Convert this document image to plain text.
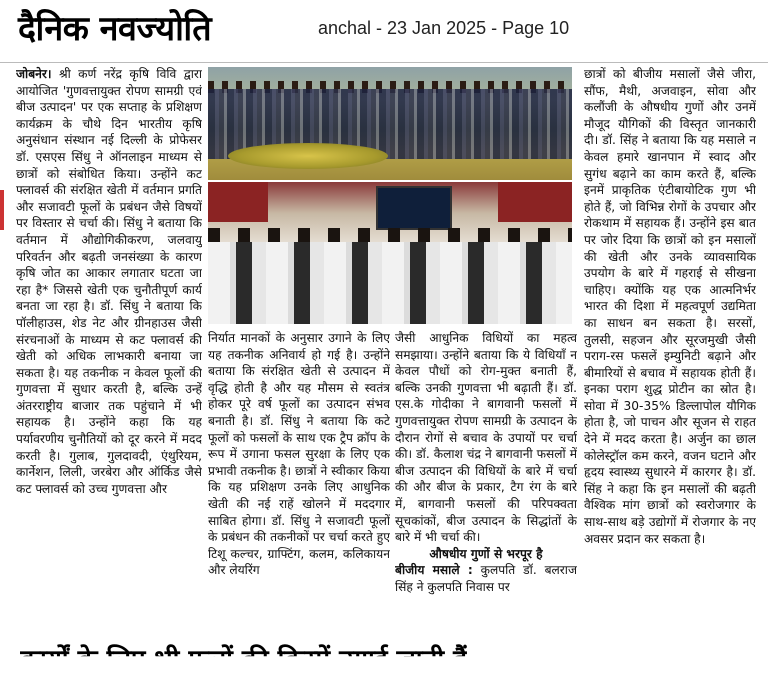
दैनिक नवज्योति	anchal - 23 Jan 2025 - Page 10
जोबनेर। श्री कर्ण नरेंद्र कृषि विवि द्वारा आयोजित 'गुणवत्तायुक्त रोपण सामग्री एवं बीज उत्पादन' पर एक सप्ताह के प्रशिक्षण कार्यक्रम के चौथे दिन भारतीय कृषि अनुसंधान संस्थान नई दिल्ली के प्रोफेसर डॉ. एसएस सिंधु ने ऑनलाइन माध्यम से छात्रों को संबोधित किया। उन्होंने कट फ्लावर्स की संरक्षित खेती में वर्तमान प्रगति और सजावटी फूलों के प्रबंधन जैसे विषयों पर विस्तार से चर्चा की। सिंधु ने बताया कि वर्तमान में औद्योगिकीकरण, जलवायु परिवर्तन और बढ़ती जनसंख्या के कारण कृषि जोत का आकार लगातार घटता जा रहा है* जिससे खेती एक चुनौतीपूर्ण कार्य बनता जा रहा है। डॉ. सिंधु ने बताया कि पॉलीहाउस, शेड नेट और ग्रीनहाउस जैसी संरचनाओं के माध्यम से कट फ्लावर्स की खेती को अधिक लाभकारी बनाया जा सकता है। यह तकनीक न केवल फूलों की गुणवत्ता में सुधार करती है, बल्कि उन्हें अंतरराष्ट्रीय बाजार तक पहुंचाने में भी सहायक है। उन्होंने कहा कि यह पर्यावरणीय चुनौतियों को दूर करने में मदद करती है। गुलाब, गुलदावदी, एंथुरियम, कार्नेशन, लिली, जरबेरा और ऑर्किड जैसे कट फ्लावर्स को उच्च गुणवत्ता और
निर्यात मानकों के अनुसार उगाने के लिए यह तकनीक अनिवार्य हो गई है। उन्होंने बताया कि संरक्षित खेती से उत्पादन में वृद्धि होती है और यह मौसम से स्वतंत्र होकर पूरे वर्ष फूलों का उत्पादन संभव बनाती है। डॉ. सिंधु ने बताया कि कटे फूलों को फसलों के साथ एक ट्रैप क्रॉप के रूप में उगाना फसल सुरक्षा के लिए एक प्रभावी तकनीक है। छात्रों ने स्वीकार किया कि यह प्रशिक्षण उनके लिए आधुनिक खेती की नई राहें खोलने में मददगार साबित होगा। डॉ. सिंधु ने सजावटी फूलों के प्रबंधन की तकनीकों पर चर्चा करते हुए टिशू कल्चर, ग्राफ्टिंग, कलम, कलिकायन और लेयरिंग
जैसी आधुनिक विधियों का महत्व समझाया। उन्होंने बताया कि ये विधियाँ न केवल पौधों को रोग-मुक्त बनाती हैं, बल्कि उनकी गुणवत्ता भी बढ़ाती हैं। डॉ. एस.के गोदीका ने बागवानी फसलों में गुणवत्तायुक्त रोपण सामग्री के उत्पादन के दौरान रोगों से बचाव के उपायों पर चर्चा की। डॉ. कैलाश चंद्र ने बागवानी फसलों में बीज उत्पादन की विधियों के बारे में चर्चा की और बीज के प्रकार, टैग रंग के बारे में, बागवानी फसलों की परिपक्वता सूचकांकों, बीज उत्पादन के सिद्धांतों के बारे में भी चर्चा की।
औषधीय गुणों से भरपूर है
बीजीय मसाले : कुलपति डॉ. बलराज सिंह ने कुलपति निवास पर
छात्रों को बीजीय मसालों जैसे जीरा, सौंफ, मैथी, अजवाइन, सोवा और कलौंजी के औषधीय गुणों और उनमें मौजूद यौगिकों की विस्तृत जानकारी दी। डॉ. सिंह ने बताया कि यह मसाले न केवल हमारे खानपान में स्वाद और सुगंध बढ़ाने का काम करते हैं, बल्कि इनमें प्राकृतिक एंटीबायोटिक गुण भी होते हैं, जो विभिन्न रोगों के उपचार और रोकथाम में सहायक हैं। उन्होंने इस बात पर जोर दिया कि छात्रों को इन मसालों की खेती और उनके व्यावसायिक उपयोग के बारे में गहराई से सीखना चाहिए। क्योंकि यह एक आत्मनिर्भर भारत की दिशा में महत्वपूर्ण उद्यमिता का साधन बन सकता है। सरसों, तुलसी, सहजन और सूरजमुखी जैसी पराग-रस फसलें इम्युनिटी बढ़ाने और बीमारियों से बचाव में सहायक होती हैं। इनका पराग शुद्ध प्रोटीन का स्रोत है। सोवा में 30-35% डिल्लापोल यौगिक होता है, जो पाचन और सूजन से राहत देने में मदद करता है। अर्जुन का छाल कोलेस्ट्रॉल कम करने, वजन घटाने और हृदय स्वास्थ्य सुधारने में कारगर है। डॉ. सिंह ने कहा कि इन मसालों की बढ़ती वैश्विक मांग छात्रों को स्वरोजगार के साथ-साथ बड़े उद्योगों में रोजगार के नए अवसर प्रदान कर सकता है।
